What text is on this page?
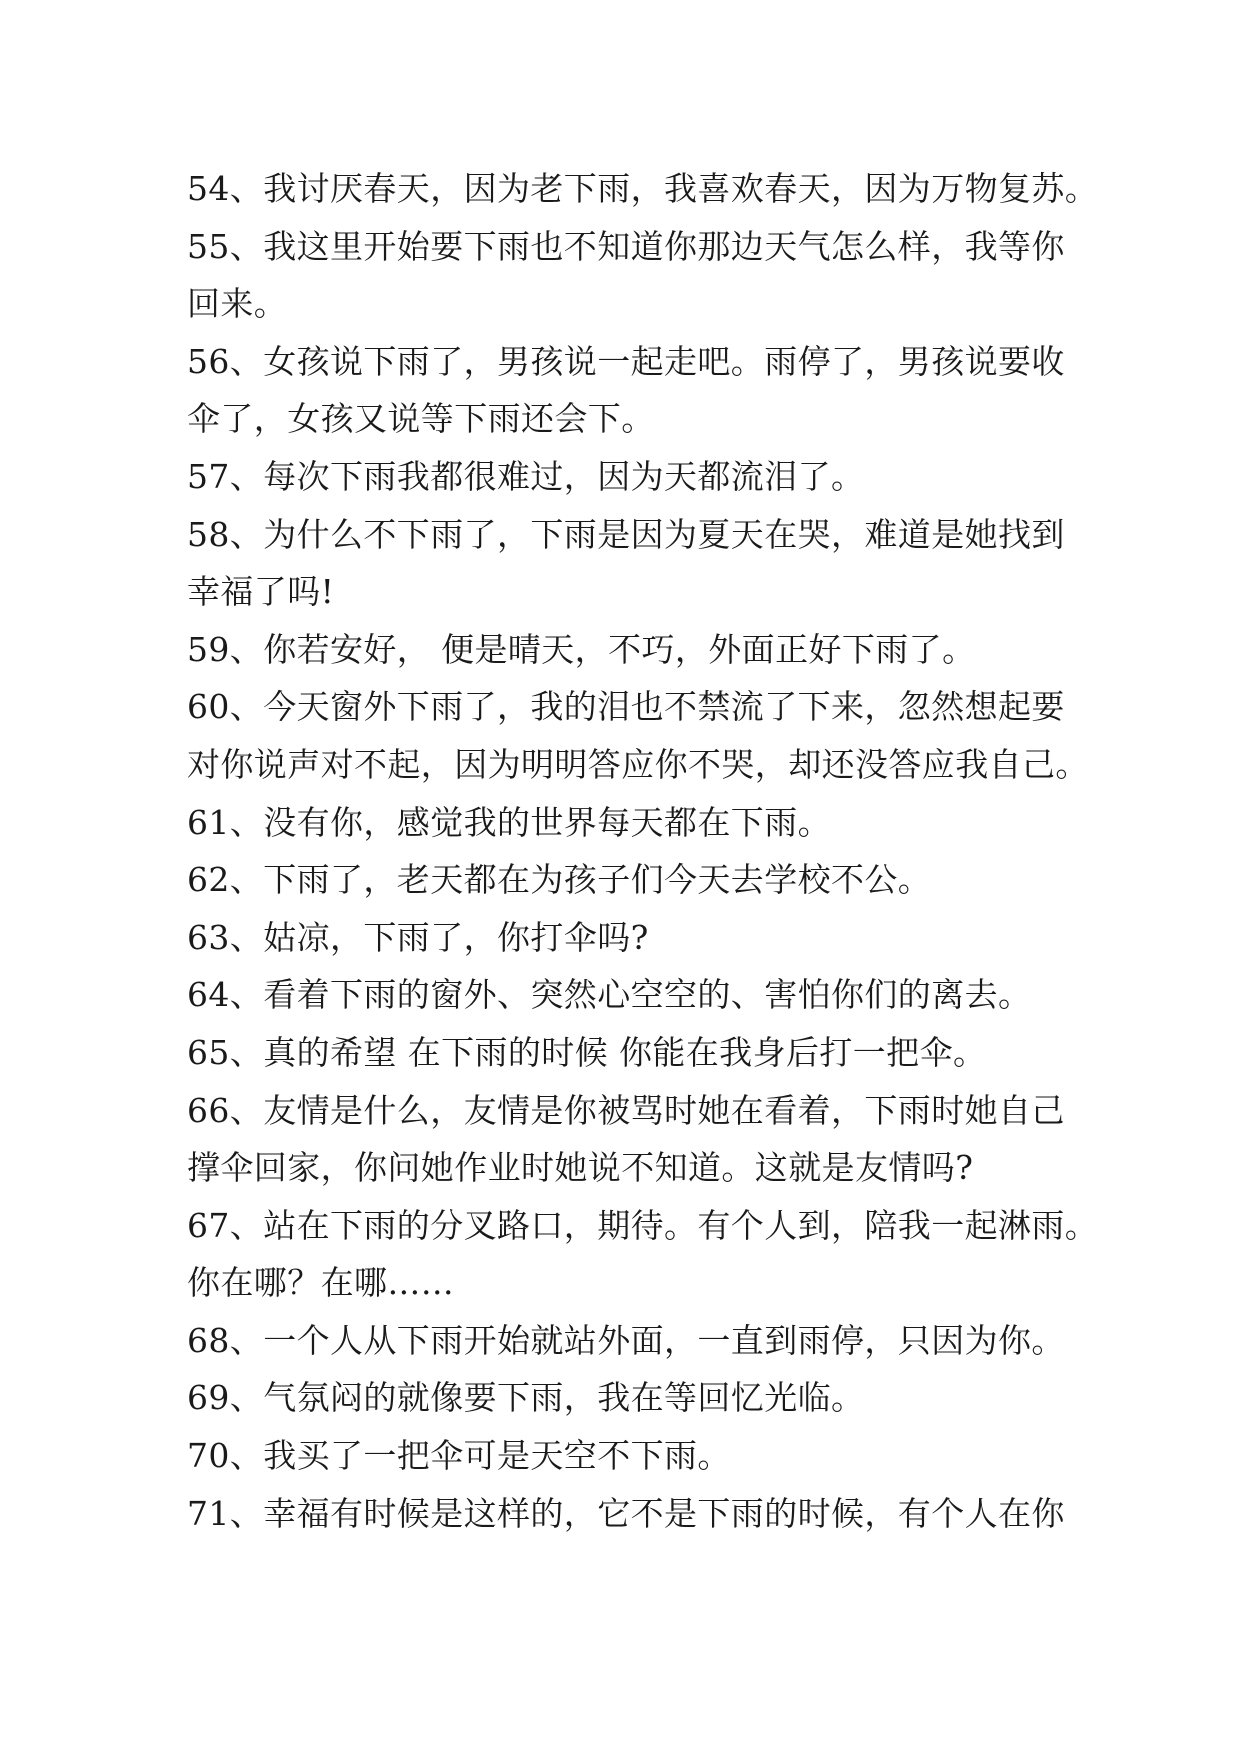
54、我讨厌春天，因为老下雨，我喜欢春天，因为万物复苏。
55、我这里开始要下雨也不知道你那边天气怎么样，我等你
回来。
56、女孩说下雨了，男孩说一起走吧。雨停了，男孩说要收
伞了，女孩又说等下雨还会下。
57、每次下雨我都很难过，因为天都流泪了。
58、为什么不下雨了，下雨是因为夏天在哭，难道是她找到
幸福了吗!
59、你若安好， 便是晴天，不巧，外面正好下雨了。
60、今天窗外下雨了，我的泪也不禁流了下来，忽然想起要
对你说声对不起，因为明明答应你不哭，却还没答应我自己。
61、没有你，感觉我的世界每天都在下雨。
62、下雨了，老天都在为孩子们今天去学校不公。
63、姑凉，下雨了，你打伞吗?
64、看着下雨的窗外、突然心空空的、害怕你们的离去。
65、真的希望 在下雨的时候 你能在我身后打一把伞。
66、友情是什么，友情是你被骂时她在看着，下雨时她自己
撑伞回家，你问她作业时她说不知道。这就是友情吗?
67、站在下雨的分叉路口，期待。有个人到，陪我一起淋雨。
你在哪？在哪……
68、一个人从下雨开始就站外面，一直到雨停，只因为你。
69、气氛闷的就像要下雨，我在等回忆光临。
70、我买了一把伞可是天空不下雨。
71、幸福有时候是这样的，它不是下雨的时候，有个人在你
